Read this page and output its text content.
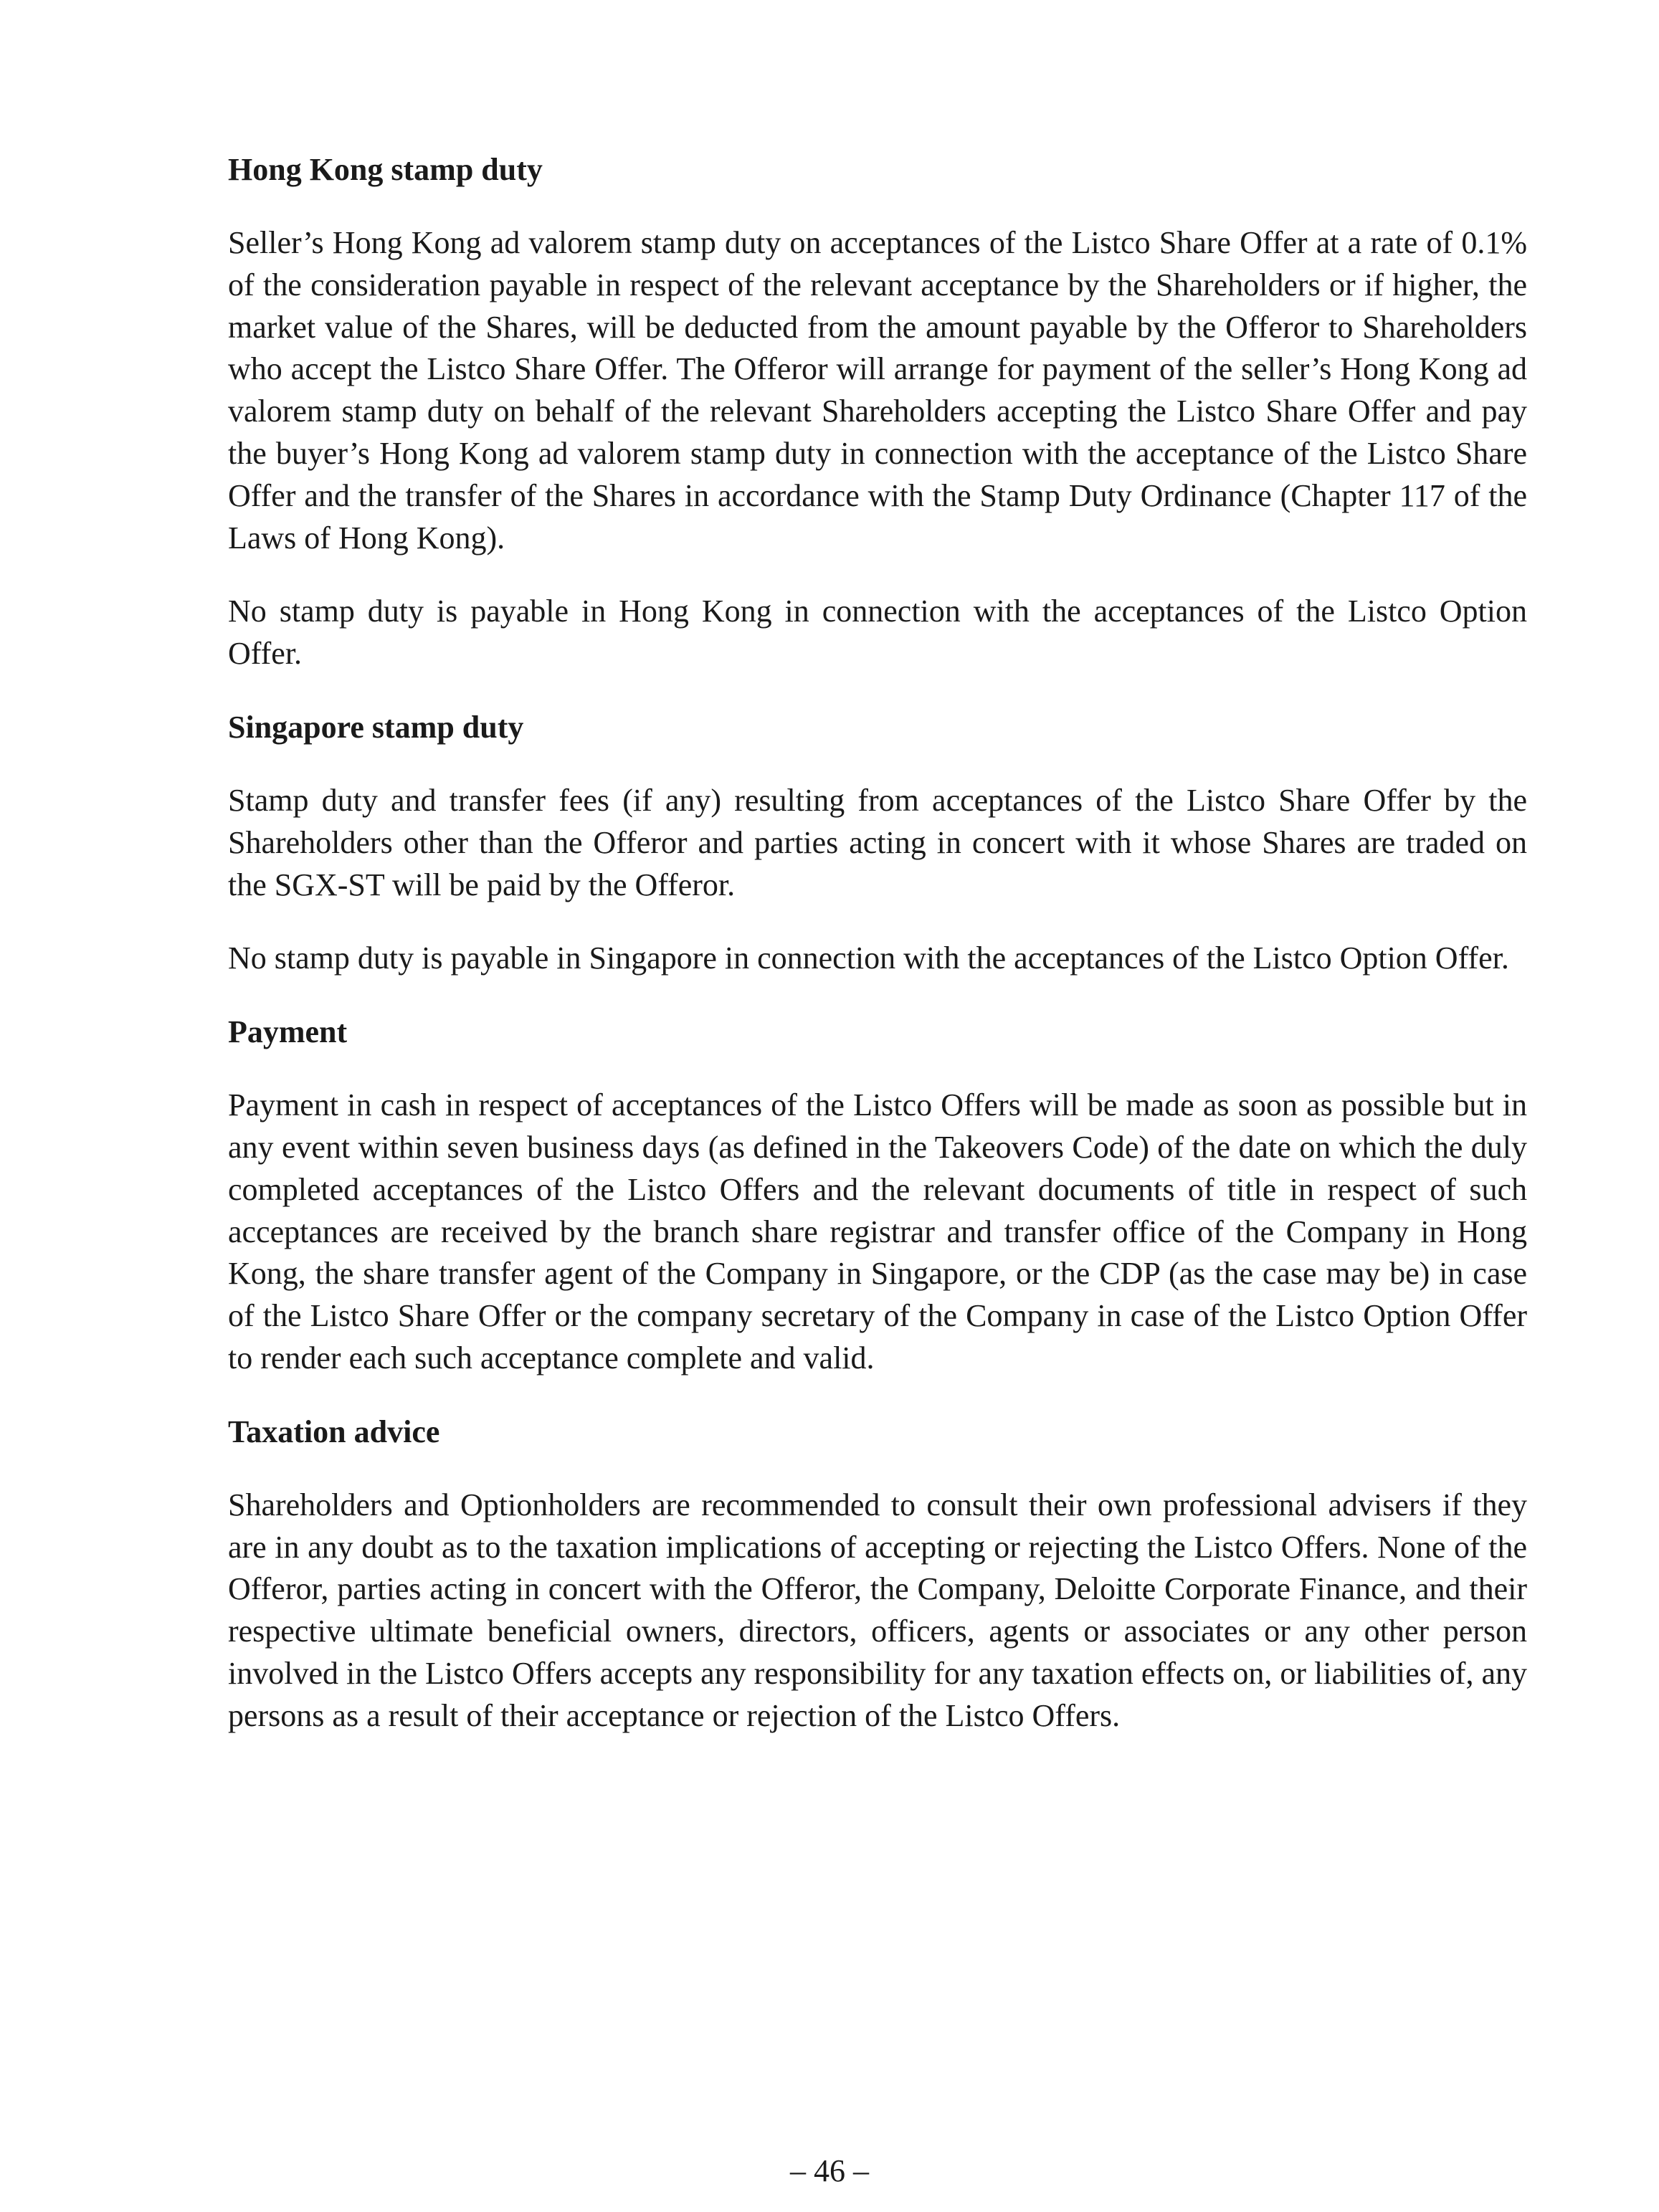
Hong Kong stamp duty

Seller’s Hong Kong ad valorem stamp duty on acceptances of the Listco Share Offer at a rate of 0.1% of the consideration payable in respect of the relevant acceptance by the Shareholders or if higher, the market value of the Shares, will be deducted from the amount payable by the Offeror to Shareholders who accept the Listco Share Offer. The Offeror will arrange for payment of the seller’s Hong Kong ad valorem stamp duty on behalf of the relevant Shareholders accepting the Listco Share Offer and pay the buyer’s Hong Kong ad valorem stamp duty in connection with the acceptance of the Listco Share Offer and the transfer of the Shares in accordance with the Stamp Duty Ordinance (Chapter 117 of the Laws of Hong Kong).

No stamp duty is payable in Hong Kong in connection with the acceptances of the Listco Option Offer.

Singapore stamp duty

Stamp duty and transfer fees (if any) resulting from acceptances of the Listco Share Offer by the Shareholders other than the Offeror and parties acting in concert with it whose Shares are traded on the SGX-ST will be paid by the Offeror.

No stamp duty is payable in Singapore in connection with the acceptances of the Listco Option Offer.

Payment

Payment in cash in respect of acceptances of the Listco Offers will be made as soon as possible but in any event within seven business days (as defined in the Takeovers Code) of the date on which the duly completed acceptances of the Listco Offers and the relevant documents of title in respect of such acceptances are received by the branch share registrar and transfer office of the Company in Hong Kong, the share transfer agent of the Company in Singapore, or the CDP (as the case may be) in case of the Listco Share Offer or the company secretary of the Company in case of the Listco Option Offer to render each such acceptance complete and valid.

Taxation advice

Shareholders and Optionholders are recommended to consult their own professional advisers if they are in any doubt as to the taxation implications of accepting or rejecting the Listco Offers. None of the Offeror, parties acting in concert with the Offeror, the Company, Deloitte Corporate Finance, and their respective ultimate beneficial owners, directors, officers, agents or associates or any other person involved in the Listco Offers accepts any responsibility for any taxation effects on, or liabilities of, any persons as a result of their acceptance or rejection of the Listco Offers.

– 46 –
